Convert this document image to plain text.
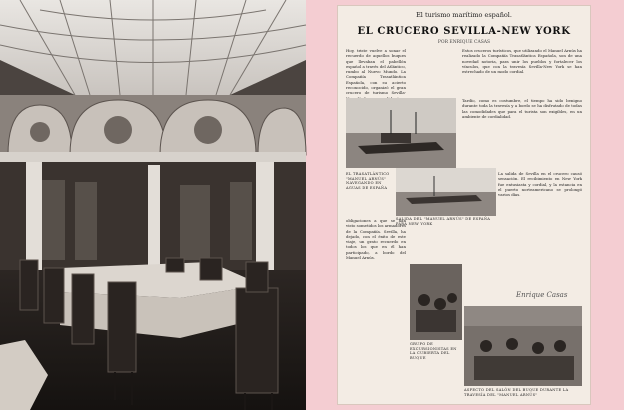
El turismo marítimo español.
EL CRUCERO SEVILLA-NEW YORK
POR ENRIQUE CASAS
Hoy, triste vuelve a sonar el recuerdo de aquellos buques que llevaban el pabellón español a través del Atlántico, rumbo al Nuevo Mundo. La Compañía Trasatlántica Española, con su acierto reconocido, organizó el gran crucero de turismo Sevilla-
Estos cruceros turísticos, que utilizando el Manuel Arnús ha realizado la Compañía Trasatlántica Española, son de una novedad notoria, para unir los pueblos y fortalecer los vínculos, que con la travesía Sevilla-New York se han estrechado de un modo cordial.
Tardío, como es costumbre, el tiempo ha sido benigno durante toda la travesía y a bordo se ha disfrutado de todas las comodidades que para el turista son exigibles, en un ambiente de cordialidad.
EL TRASATLÁNTICO "MANUEL ARNÚS" NAVEGANDO EN AGUAS DE ESPAÑA
SALIDA DEL "MANUEL ARNÚS" DE ESPAÑA PARA NEW YORK
La salida de Sevilla en el crucero causó sensación. El recibimiento en New York fue entusiasta y cordial, y la estancia en el puerto norteamericano se prolongó varios días.
obligaciones a que se han visto sometidos los armadores de la Compañía. Sevilla, ha dejado, con el éxito de este viaje, un grato recuerdo en todos los que en él han participado, a bordo del Manuel Arnús.
GRUPO DE EXCURSIONISTAS EN LA CUBIERTA DEL BUQUE
Enrique Casas
ASPECTO DEL SALÓN DEL BUQUE DURANTE LA TRAVESÍA DEL "MANUEL ARNÚS"
